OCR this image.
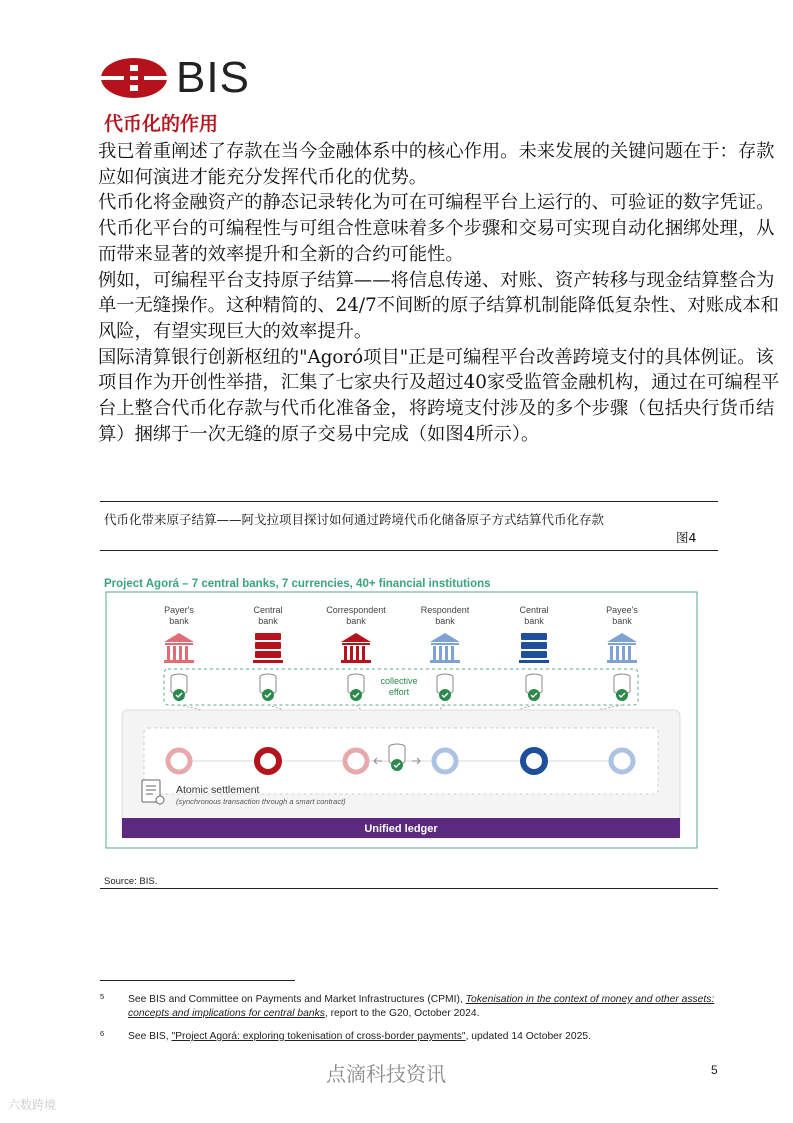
BIS
代币化的作用

我已着重阐述了存款在当今金融体系中的核心作用。未来发展的关键问题在于：存款应如何演进才能充分发挥代币化的优势。

代币化将金融资产的静态记录转化为可在可编程平台上运行的、可验证的数字凭证。代币化平台的可编程性与可组合性意味着多个步骤和交易可实现自动化捆绑处理，从而带来显著的效率提升和全新的合约可能性。

例如，可编程平台支持原子结算——将信息传递、对账、资产转移与现金结算整合为单一无缝操作。这种精简的、24/7不间断的原子结算机制能降低复杂性、对账成本和风险，有望实现巨大的效率提升。

国际清算银行创新枢纽的"Agoró项目"正是可编程平台改善跨境支付的具体例证。该项目作为开创性举措，汇集了七家央行及超过40家受监管金融机构，通过在可编程平台上整合代币化存款与代币化准备金，将跨境支付涉及的多个步骤（包括央行货币结算）捆绑于一次无缝的原子交易中完成（如图4所示）。

代币化带来原子结算——阿戈拉项目探讨如何通过跨境代币化储备原子方式结算代币化存款
图4
Project Agorá – 7 central banks, 7 currencies, 40+ financial institutions
Payer's
bank
Central
bank
Correspondent
bank
Respondent
bank
Central
bank
Payee's
bank
collective
effort
Atomic settlement
(synchronous transaction through a smart contract)
Unified ledger
Source: BIS.
5 See BIS and Committee on Payments and Market Infrastructures (CPMI), Tokenisation in the context of money and other assets: concepts and implications for central banks, report to the G20, October 2024.
6 See BIS, "Project Agorá: exploring tokenisation of cross-border payments", updated 14 October 2025.
点滴科技资讯	5
六数跨境
